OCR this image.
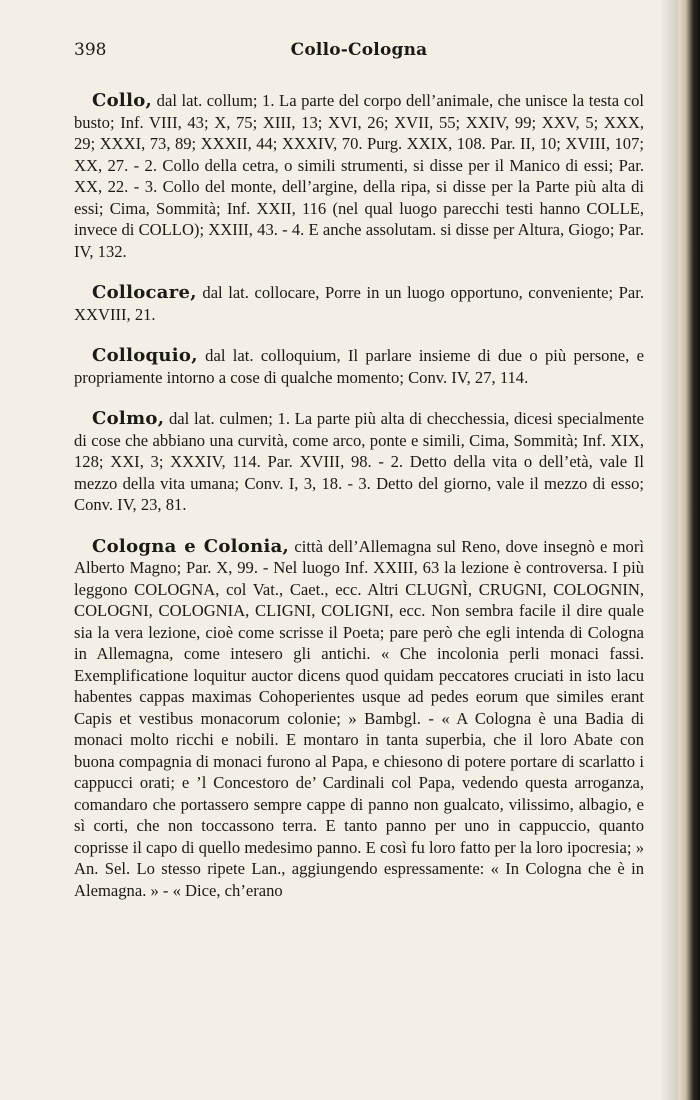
398	Collo-Cologna

Collo, dal lat. collum; 1. La parte del corpo dell’animale, che unisce la testa col busto; Inf. VIII, 43; X, 75; XIII, 13; XVI, 26; XVII, 55; XXIV, 99; XXV, 5; XXX, 29; XXXI, 73, 89; XXXII, 44; XXXIV, 70. Purg. XXIX, 108. Par. II, 10; XVIII, 107; XX, 27. - 2. Collo della cetra, o simili strumenti, si disse per il Manico di essi; Par. XX, 22. - 3. Collo del monte, dell’argine, della ripa, si disse per la Parte più alta di essi; Cima, Sommità; Inf. XXII, 116 (nel qual luogo parecchi testi hanno COLLE, invece di COLLO); XXIII, 43. - 4. E anche assolutam. si disse per Altura, Giogo; Par. IV, 132.

Collocare, dal lat. collocare, Porre in un luogo opportuno, conveniente; Par. XXVIII, 21.

Colloquio, dal lat. colloquium, Il parlare insieme di due o più persone, e propriamente intorno a cose di qualche momento; Conv. IV, 27, 114.

Colmo, dal lat. culmen; 1. La parte più alta di checchessia, dicesi specialmente di cose che abbiano una curvità, come arco, ponte e simili, Cima, Sommità; Inf. XIX, 128; XXI, 3; XXXIV, 114. Par. XVIII, 98. - 2. Detto della vita o dell’età, vale Il mezzo della vita umana; Conv. I, 3, 18. - 3. Detto del giorno, vale il mezzo di esso; Conv. IV, 23, 81.

Cologna e Colonia, città dell’Allemagna sul Reno, dove insegnò e morì Alberto Magno; Par. X, 99. - Nel luogo Inf. XXIII, 63 la lezione è controversa. I più leggono COLOGNA, col Vat., Caet., ecc. Altri CLUGNÌ, CRUGNI, COLOGNIN, COLOGNI, COLOGNIA, CLIGNI, COLIGNI, ecc. Non sembra facile il dire quale sia la vera lezione, cioè come scrisse il Poeta; pare però che egli intenda di Cologna in Allemagna, come intesero gli antichi. « Che incolonia perli monaci fassi. Exemplificatione loquitur auctor dicens quod quidam peccatores cruciati in isto lacu habentes cappas maximas Cohoperientes usque ad pedes eorum que similes erant Capis et vestibus monacorum colonie; » Bambgl. - « A Cologna è una Badia di monaci molto ricchi e nobili. E montaro in tanta superbia, che il loro Abate con buona compagnia di monaci furono al Papa, e chiesono di potere portare di scarlatto i cappucci orati; e ’l Concestoro de’ Cardinali col Papa, vedendo questa arroganza, comandaro che portassero sempre cappe di panno non gualcato, vilissimo, albagio, e sì corti, che non toccassono terra. E tanto panno per uno in cappuccio, quanto coprisse il capo di quello medesimo panno. E così fu loro fatto per la loro ipocresia; » An. Sel. Lo stesso ripete Lan., aggiungendo espressamente: « In Cologna che è in Alemagna. » - « Dice, ch’erano
